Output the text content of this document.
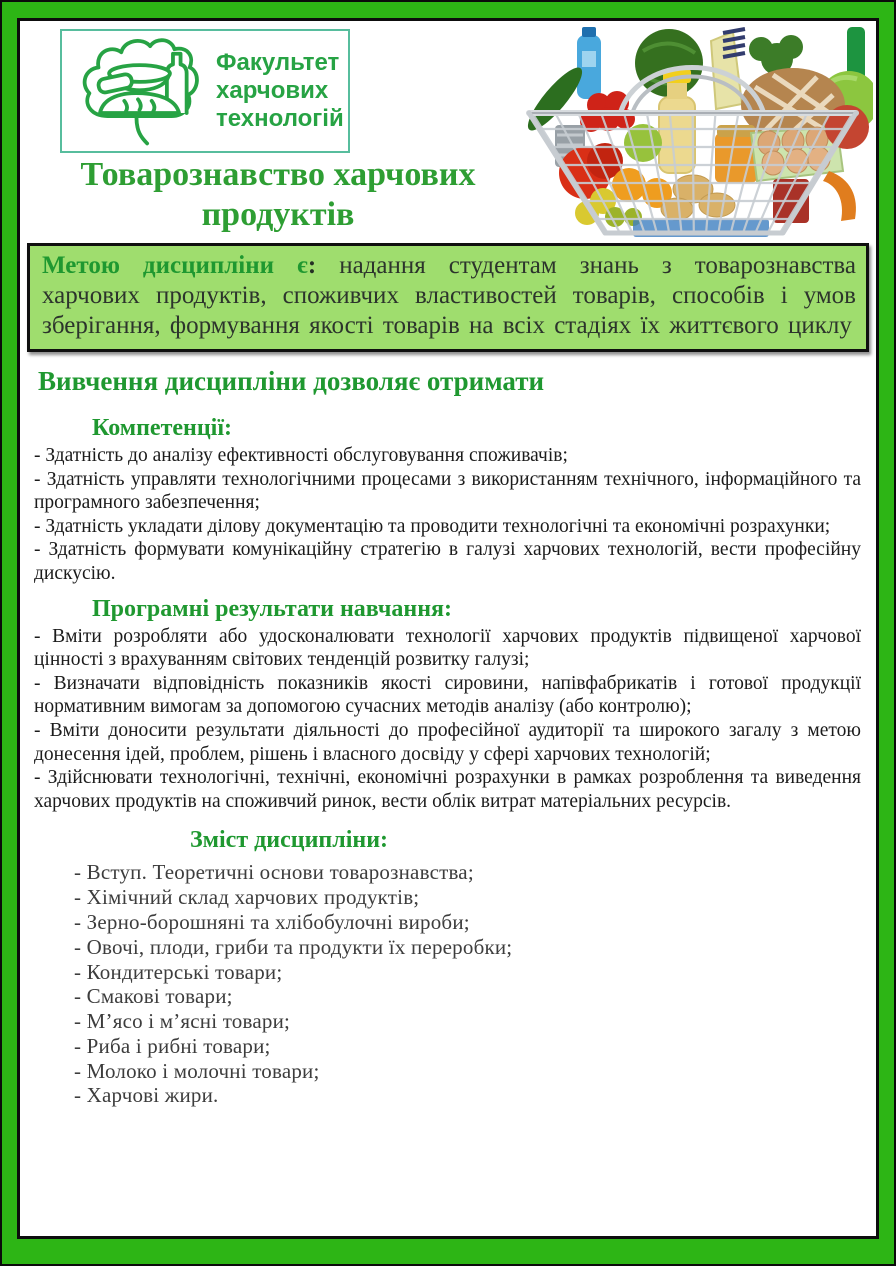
Факультет
харчових
технологій
Товарознавство харчових продуктів
Метою дисципліни є: надання студентам знань з товарознавства харчових продуктів, споживчих властивостей товарів, способів і умов зберігання, формування якості товарів на всіх стадіях їх життєвого циклу
Вивчення дисципліни дозволяє отримати
Компетенції:

- Здатність до аналізу ефективності обслуговування споживачів;

- Здатність управляти технологічними процесами з використанням технічного, інформаційного та програмного забезпечення;

- Здатність укладати ділову документацію та проводити технологічні та економічні розрахунки;

- Здатність формувати комунікаційну стратегію в галузі харчових технологій, вести професійну дискусію.

Програмні результати навчання:

- Вміти розробляти або удосконалювати технології харчових продуктів підвищеної харчової цінності з врахуванням світових тенденцій розвитку галузі;

- Визначати відповідність показників якості сировини, напівфабрикатів і готової продукції нормативним вимогам за допомогою сучасних методів аналізу (або контролю);

- Вміти доносити результати діяльності до професійної аудиторії та широкого загалу з метою донесення ідей, проблем, рішень і власного досвіду у сфері харчових технологій;

- Здійснювати технологічні, технічні, економічні розрахунки в рамках розроблення та виведення харчових продуктів на споживчий ринок, вести облік витрат матеріальних ресурсів.

Зміст дисципліни:

- Вступ. Теоретичні основи товарознавства;

- Хімічний склад харчових продуктів;

- Зерно-борошняні та хлібобулочні вироби;

- Овочі, плоди, гриби та продукти їх переробки;

- Кондитерські товари;

- Смакові товари;

- М’ясо і м’ясні товари;

- Риба і рибні товари;

- Молоко і молочні товари;

- Харчові жири.
